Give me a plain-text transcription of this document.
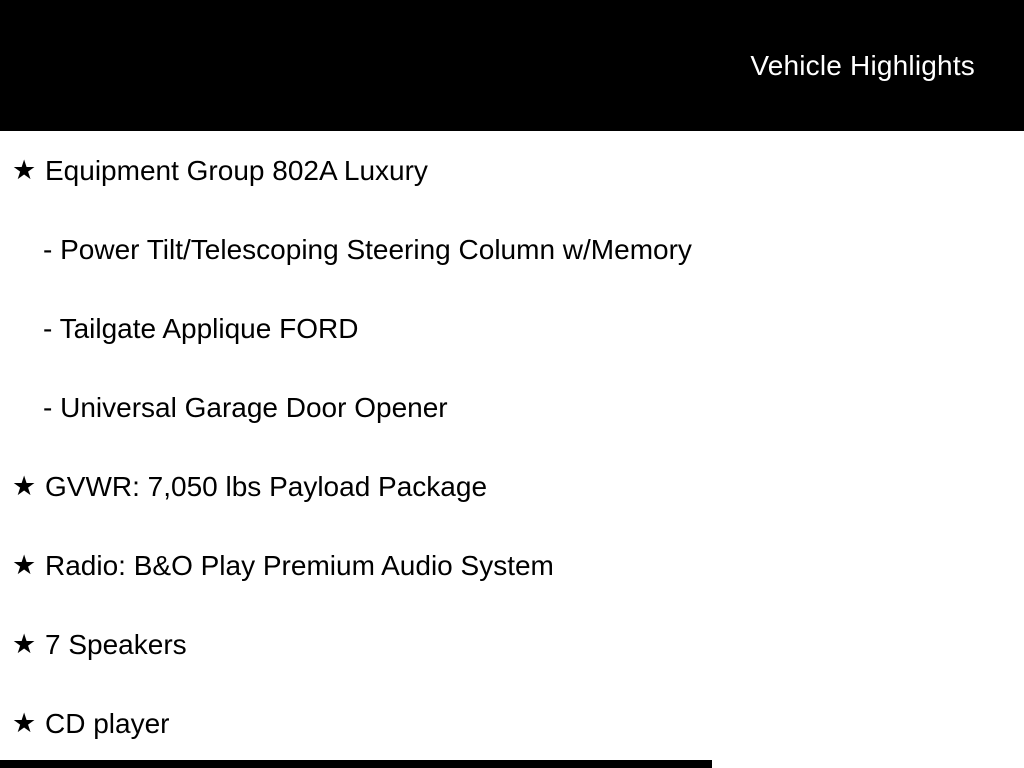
Vehicle Highlights
★ Equipment Group 802A Luxury
- Power Tilt/Telescoping Steering Column w/Memory
- Tailgate Applique FORD
- Universal Garage Door Opener
★ GVWR: 7,050 lbs Payload Package
★ Radio: B&O Play Premium Audio System
★ 7 Speakers
★ CD player
